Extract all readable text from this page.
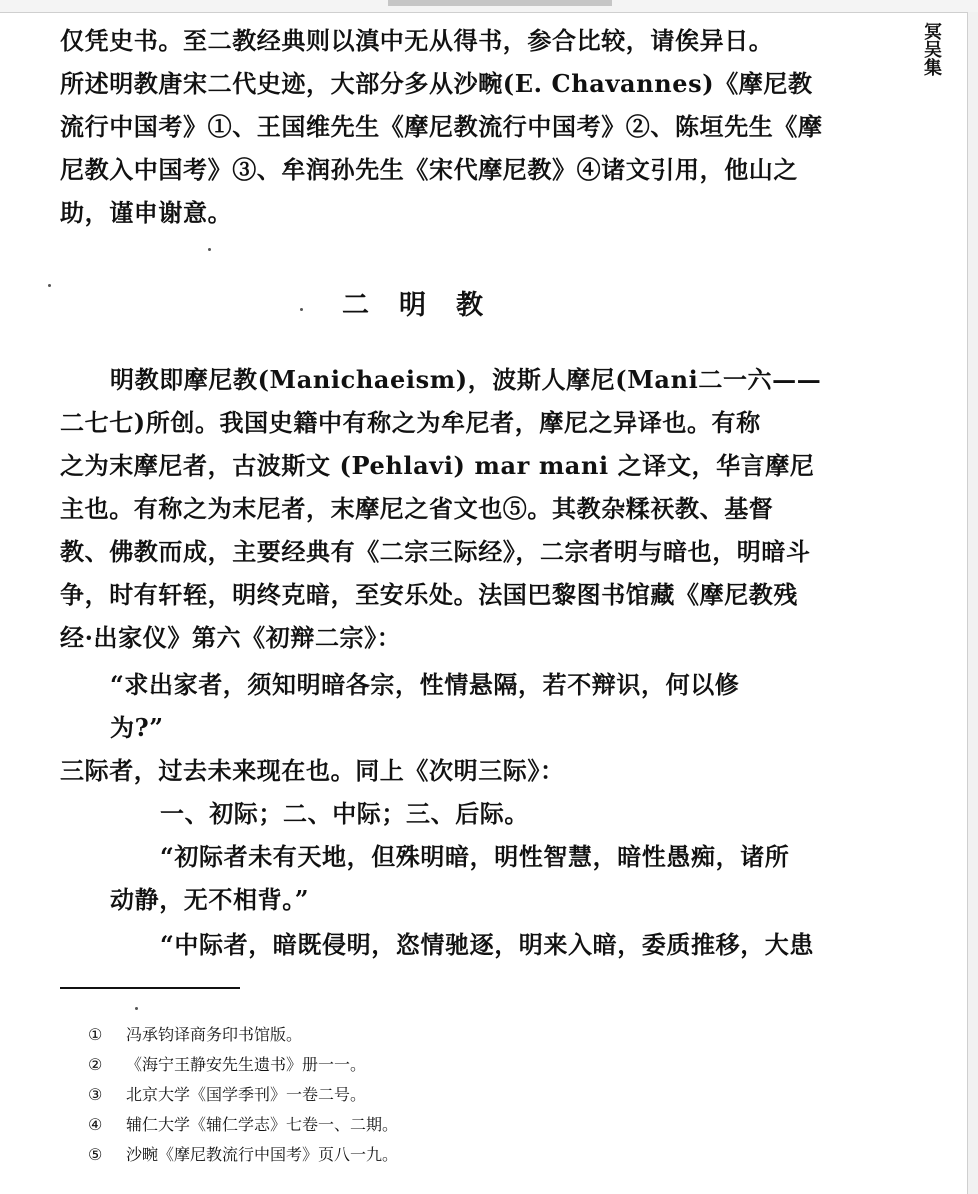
冥吴集
仅凭史书。至二教经典则以滇中无从得书，参合比较，请俟异日。
所述明教唐宋二代史迹，大部分多从沙畹(E. Chavannes)《摩尼教
流行中国考》①、王国维先生《摩尼教流行中国考》②、陈垣先生《摩
尼教入中国考》③、牟润孙先生《宋代摩尼教》④诸文引用，他山之
助，谨申谢意。
二明教
明教即摩尼教(Manichaeism)，波斯人摩尼(Mani二一六——
二七七)所创。我国史籍中有称之为牟尼者，摩尼之异译也。有称
之为末摩尼者，古波斯文 (Pehlavi) mar mani 之译文，华言摩尼
主也。有称之为末尼者，末摩尼之省文也⑤。其教杂糅祆教、基督
教、佛教而成，主要经典有《二宗三际经》，二宗者明与暗也，明暗斗
争，时有轩轾，明终克暗，至安乐处。法国巴黎图书馆藏《摩尼教残
经·出家仪》第六《初辩二宗》：
“求出家者，须知明暗各宗，性情悬隔，若不辩识，何以修
为?”
三际者，过去未来现在也。同上《次明三际》：
一、初际；二、中际；三、后际。
“初际者未有天地，但殊明暗，明性智慧，暗性愚痴，诸所
动静，无不相背。”
“中际者，暗既侵明，恣情驰逐，明来入暗，委质推移，大患
① 冯承钧译商务印书馆版。
② 《海宁王静安先生遗书》册一一。
③ 北京大学《国学季刊》一卷二号。
④ 辅仁大学《辅仁学志》七卷一、二期。
⑤ 沙畹《摩尼教流行中国考》页八一九。
